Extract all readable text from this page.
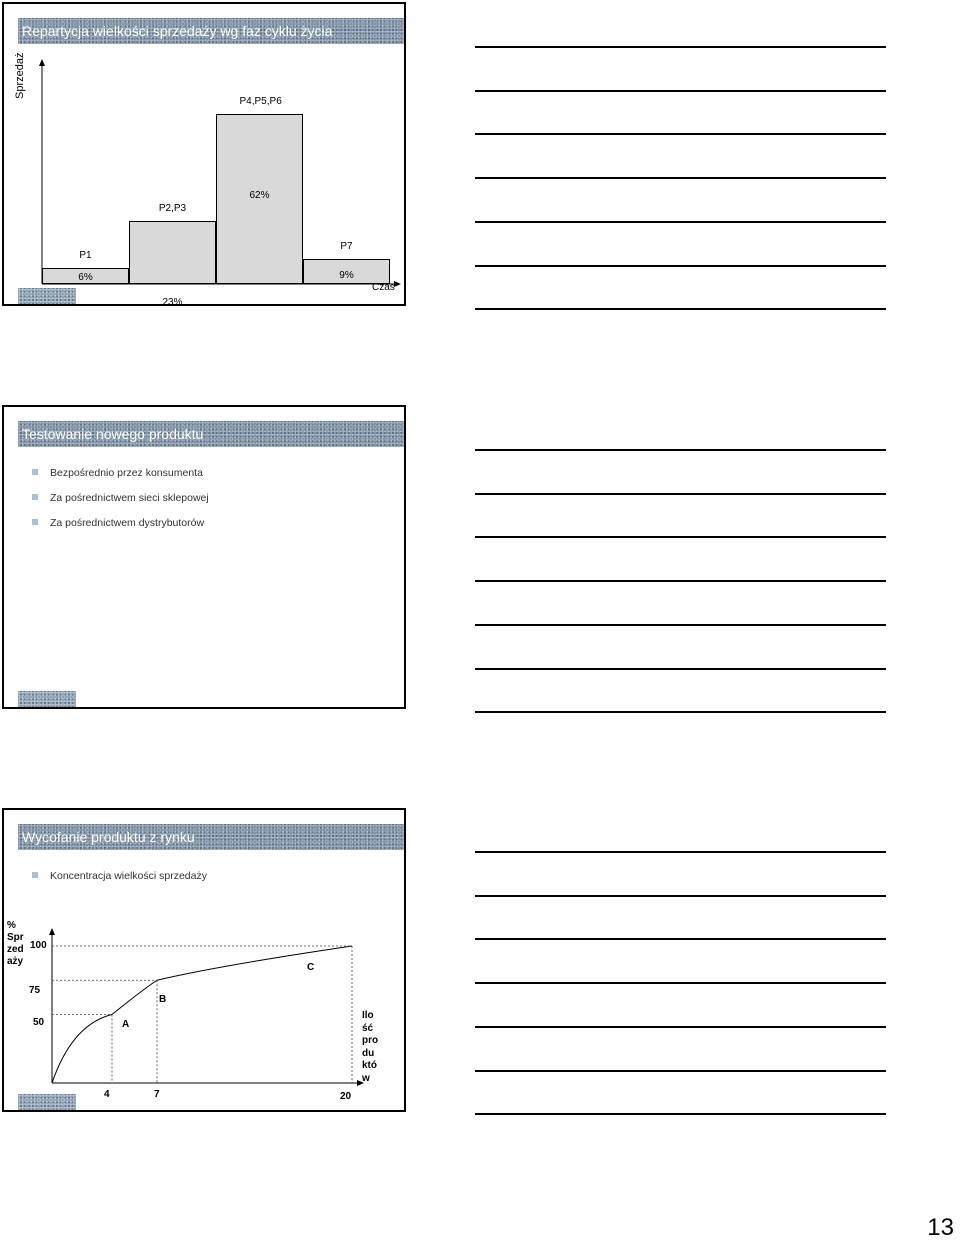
Repartycja wielkości sprzedaży wg faz cyklu życia
Sprzedaż
P1
6%
P2,P3
23%
P4,P5,P6
62%
P7
9%
Czas
Testowanie nowego produktu
Bezpośrednio przez konsumenta
Za pośrednictwem sieci sklepowej
Za pośrednictwem dystrybutorów
Wycofanie produktu z rynku
Koncentracja wielkości sprzedaży
%
Spr
zed
aży
Ilo
ść
pro
du
któ
w
100
75
50
4	7	20
A
B
C
13
